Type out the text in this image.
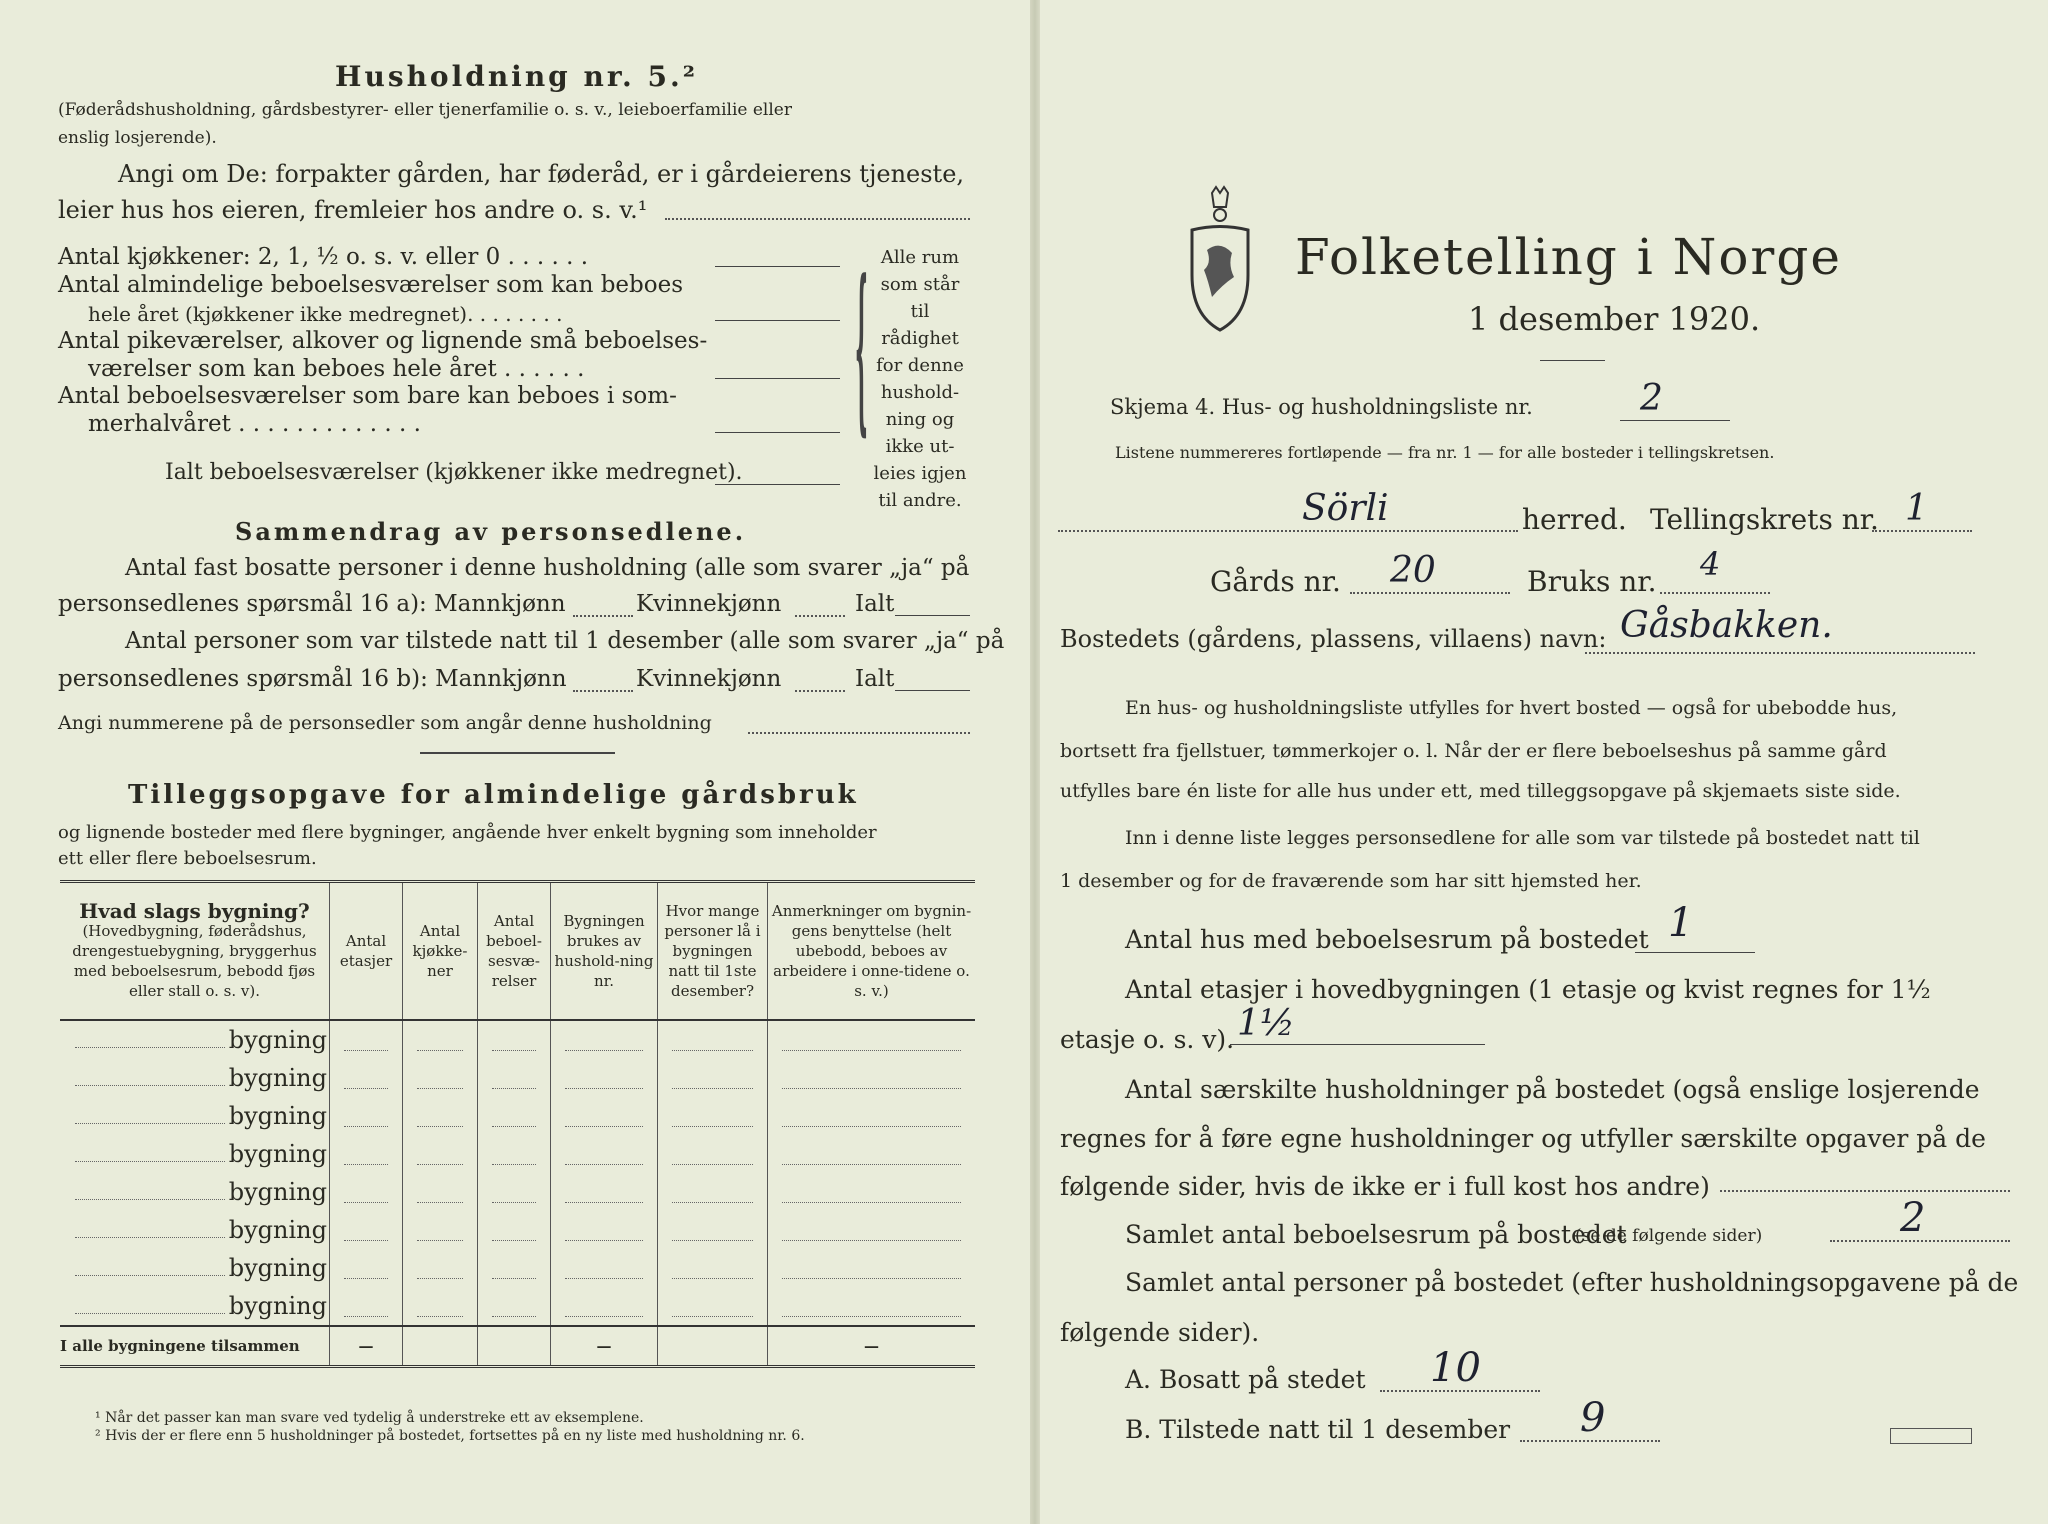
Husholdning nr. 5.²
(Føderådshusholdning, gårdsbestyrer- eller tjenerfamilie o. s. v., leieboerfamilie eller
enslig losjerende).
Angi om De: forpakter gården, har føderåd, er i gårdeierens tjeneste,
leier hus hos eieren, fremleier hos andre o. s. v.¹
Antal kjøkkener: 2, 1, ½ o. s. v. eller 0 . . . . . .
Antal almindelige beboelsesværelser som kan beboes
hele året (kjøkkener ikke medregnet). . . . . . . .
Antal pikeværelser, alkover og lignende små beboelses-
værelser som kan beboes hele året . . . . . .
Antal beboelsesværelser som bare kan beboes i som-
merhalvåret . . . . . . . . . . . . .
Ialt beboelsesværelser (kjøkkener ikke medregnet).
{ Alle rum
som står til
rådighet
for denne
hushold-
ning og
ikke ut-
leies igjen
til andre.
Sammendrag av personsedlene.
Antal fast bosatte personer i denne husholdning (alle som svarer „ja“ på
personsedlenes spørsmål 16 a): Mannkjønn	Kvinnekjønn	Ialt
Antal personer som var tilstede natt til 1 desember (alle som svarer „ja“ på
personsedlenes spørsmål 16 b): Mannkjønn	Kvinnekjønn	Ialt
Angi nummerene på de personsedler som angår denne husholdning
Tilleggsopgave for almindelige gårdsbruk
og lignende bosteder med flere bygninger, angående hver enkelt bygning som inneholder
ett eller flere beboelsesrum.
Hvad slags bygning?
(Hovedbygning, føderådshus, drengestuebygning, bryggerhus med beboelsesrum, bebodd fjøs eller stall o. s. v).	Antal etasjer	Antal kjøkke-ner	Antal beboel-sesvæ-relser	Bygningen brukes av hushold-ning nr.	Hvor mange personer lå i bygningen natt til 1ste desember?	Anmerkninger om bygnin-gens benyttelse (helt ubebodd, beboes av arbeidere i onne-tidene o. s. v.)
bygning	

bygning	

bygning	

bygning	

bygning	

bygning	

bygning	

bygning	

I alle bygningene tilsammen	—			—		—
¹ Når det passer kan man svare ved tydelig å understreke ett av eksemplene.
² Hvis der er flere enn 5 husholdninger på bostedet, fortsettes på en ny liste med husholdning nr. 6.
Folketelling i Norge
1 desember 1920.
Skjema 4. Hus- og husholdningsliste nr.	2
Listene nummereres fortløpende — fra nr. 1 — for alle bosteder i tellingskretsen.
Sörli	herred. Tellingskrets nr. 1
Gårds nr. 20	Bruks nr. 4
Bostedets (gårdens, plassens, villaens) navn: Gåsbakken.
En hus- og husholdningsliste utfylles for hvert bosted — også for ubebodde hus,
bortsett fra fjellstuer, tømmerkojer o. l. Når der er flere beboelseshus på samme gård
utfylles bare én liste for alle hus under ett, med tilleggsopgave på skjemaets siste side.
Inn i denne liste legges personsedlene for alle som var tilstede på bostedet natt til
1 desember og for de fraværende som har sitt hjemsted her.
Antal hus med beboelsesrum på bostedet 1
Antal etasjer i hovedbygningen (1 etasje og kvist regnes for 1½
etasje o. s. v). 1½
Antal særskilte husholdninger på bostedet (også enslige losjerende
regnes for å føre egne husholdninger og utfyller særskilte opgaver på de
følgende sider, hvis de ikke er i full kost hos andre)
Samlet antal beboelsesrum på bostedet
(se de følgende sider)	2
Samlet antal personer på bostedet (efter husholdningsopgavene på de
følgende sider).
A. Bosatt på stedet 10
B. Tilstede natt til 1 desember 9
